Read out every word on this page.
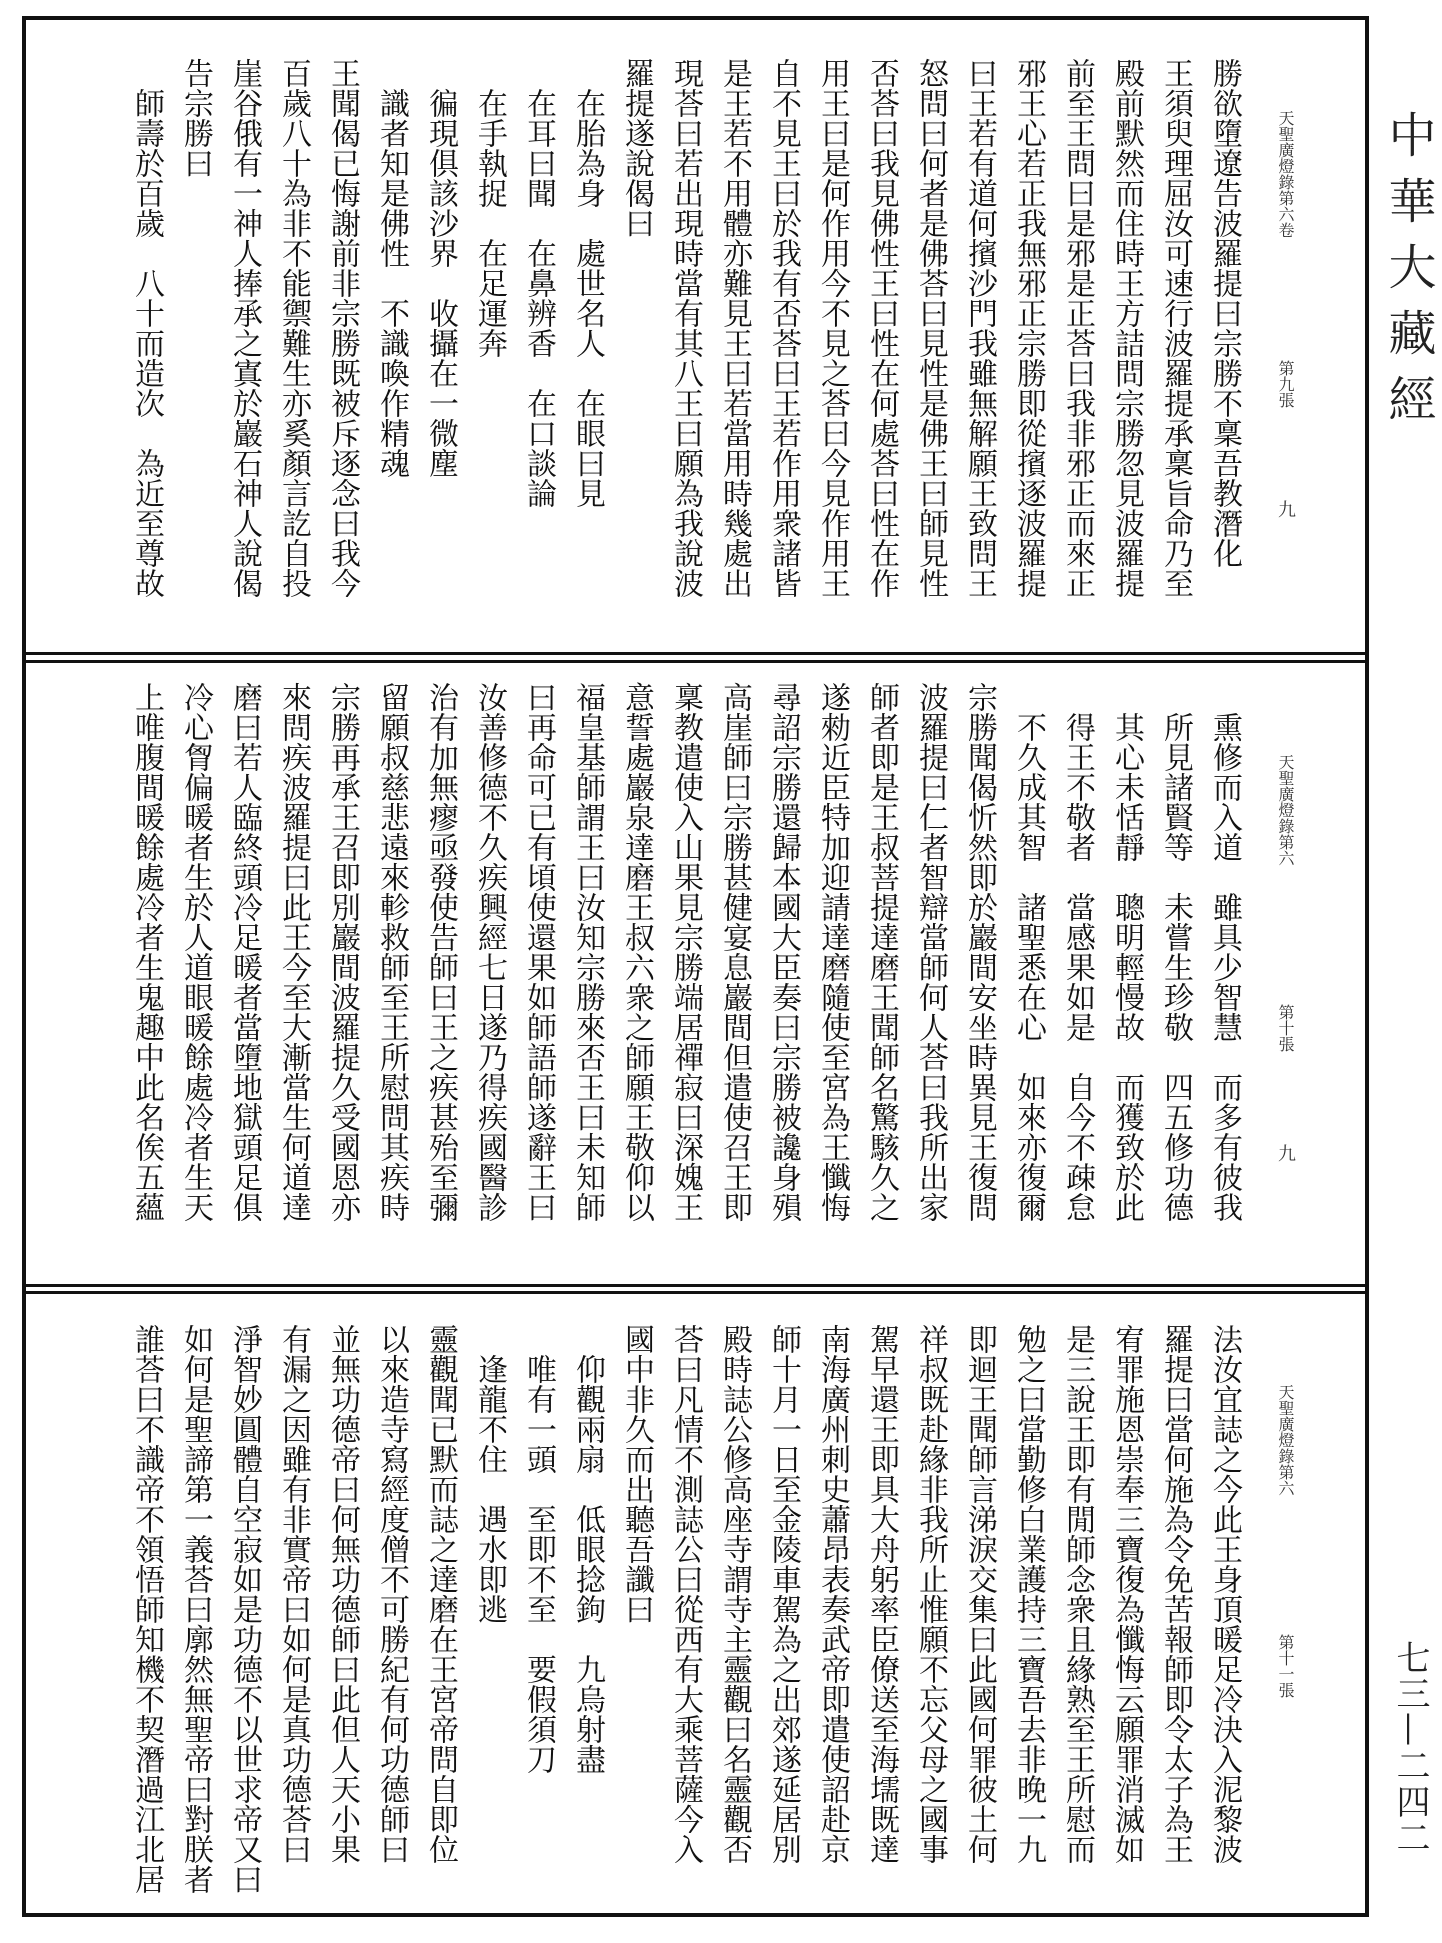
天聖廣燈錄第六卷
第九張
九
勝欲墮遼告波羅提曰宗勝不稟吾教潛化
王須臾理屈汝可速行波羅提承稟旨命乃至
殿前默然而住時王方詰問宗勝忽見波羅提
前至王問曰是邪是正荅曰我非邪正而來正
邪王心若正我無邪正宗勝即從擯逐波羅提
曰王若有道何擯沙門我雖無解願王致問王
怒問曰何者是佛荅曰見性是佛王曰師見性
否荅曰我見佛性王曰性在何處荅曰性在作
用王曰是何作用今不見之荅曰今見作用王
自不見王曰於我有否荅曰王若作用衆諸皆
是王若不用體亦難見王曰若當用時幾處出
現荅曰若出現時當有其八王曰願為我說波
羅提遂說偈曰
　在胎為身　處世名人　在眼曰見
　在耳曰聞　在鼻辨香　在口談論
　在手執捉　在足運奔
　徧現俱該沙界　收攝在一微塵
　識者知是佛性　不識喚作精魂
王聞偈已悔謝前非宗勝既被斥逐念曰我今
百歲八十為非不能禦難生亦奚顏言訖自投
崖谷俄有一神人捧承之寘於巖石神人說偈
告宗勝曰
　師壽於百歲　八十而造次　為近至尊故
天聖廣燈錄第六
第十張
九
　熏修而入道　雖具少智慧　而多有彼我
　所見諸賢等　未嘗生珍敬　四五修功德
　其心未恬靜　聰明輕慢故　而獲致於此
　得王不敬者　當感果如是　自今不疎怠
　不久成其智　諸聖悉在心　如來亦復爾
宗勝聞偈忻然即於巖間安坐時異見王復問
波羅提曰仁者智辯當師何人荅曰我所出家
師者即是王叔菩提達磨王聞師名驚駭久之
遂勑近臣特加迎請達磨隨使至宮為王懺悔
尋詔宗勝還歸本國大臣奏曰宗勝被讒身殞
高崖師曰宗勝甚健宴息巖間但遣使召王即
稟教遣使入山果見宗勝端居禪寂曰深媿王
意誓處巖泉達磨王叔六衆之師願王敬仰以
福皇基師謂王曰汝知宗勝來否王曰未知師
曰再命可已有頃使還果如師語師遂辭王曰
汝善修德不久疾興經七日遂乃得疾國醫診
治有加無瘳亟發使告師曰王之疾甚殆至彌
留願叔慈悲遠來軫救師至王所慰問其疾時
宗勝再承王召即別巖間波羅提久受國恩亦
來問疾波羅提曰此王今至大漸當生何道達
磨曰若人臨終頭冷足暖者當墮地獄頭足俱
冷心胷偏暖者生於人道眼暖餘處冷者生天
上唯腹間暖餘處冷者生鬼趣中此名俟五蘊
天聖廣燈錄第六
第十一張
法汝宜誌之今此王身頂暖足冷決入泥黎波
羅提曰當何施為令免苦報師即令太子為王
宥罪施恩崇奉三寶復為懺悔云願罪消滅如
是三說王即有閒師念衆且緣熟至王所慰而
勉之曰當勤修白業護持三寶吾去非晚一九
即迴王聞師言涕淚交集曰此國何罪彼土何
祥叔既赴緣非我所止惟願不忘父母之國事
駕早還王即具大舟躬率臣僚送至海壖既達
南海廣州刺史蕭昂表奏武帝即遣使詔赴京
師十月一日至金陵車駕為之出郊遂延居別
殿時誌公修高座寺謂寺主靈觀曰名靈觀否
荅曰凡情不測誌公曰從西有大乘菩薩今入
國中非久而出聽吾讖曰
　仰觀兩扇　低眼捻鉤　九烏射盡
　唯有一頭　至即不至　要假須刀
　逢龍不住　遇水即逃
靈觀聞已默而誌之達磨在王宮帝問自即位
以來造寺寫經度僧不可勝紀有何功德師曰
並無功德帝曰何無功德師曰此但人天小果
有漏之因雖有非實帝曰如何是真功德荅曰
淨智妙圓體自空寂如是功德不以世求帝又曰
如何是聖諦第一義荅曰廓然無聖帝曰對朕者
誰荅曰不識帝不領悟師知機不契潛過江北居
中華大藏經
七三—二四二
